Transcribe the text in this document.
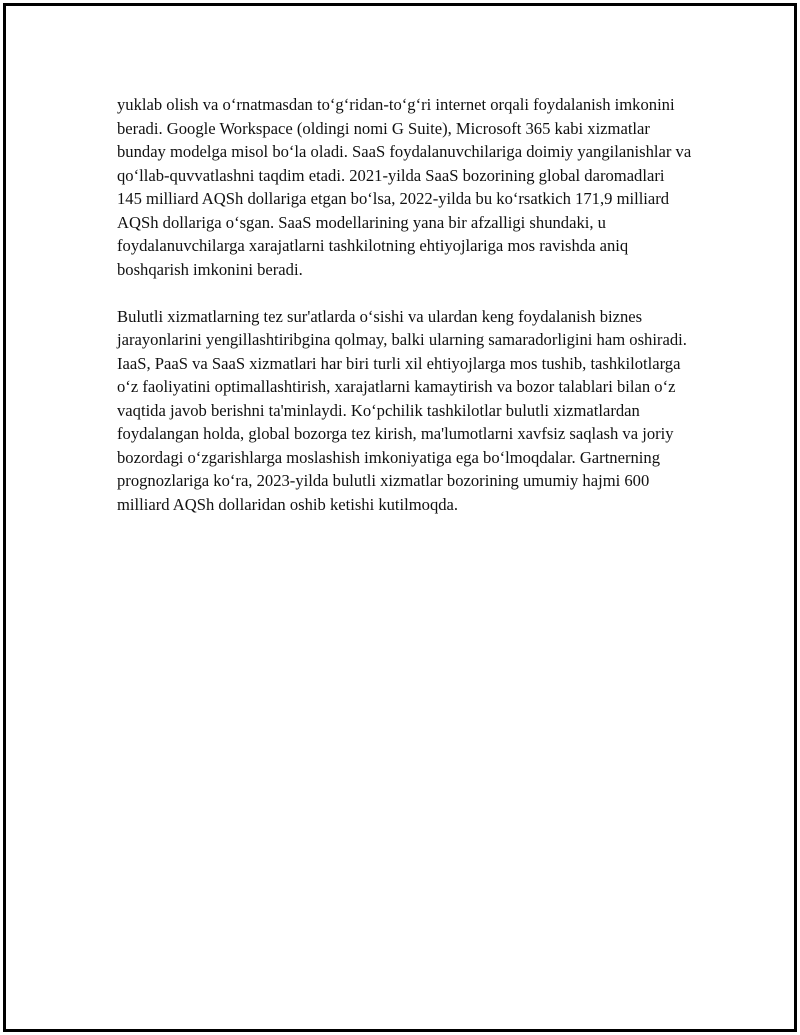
yuklab olish va o‘rnatmasdan to‘g‘ridan-to‘g‘ri internet orqali foydalanish imkonini beradi. Google Workspace (oldingi nomi G Suite), Microsoft 365 kabi xizmatlar bunday modelga misol bo‘la oladi. SaaS foydalanuvchilariga doimiy yangilanishlar va qo‘llab-quvvatlashni taqdim etadi. 2021-yilda SaaS bozorining global daromadlari 145 milliard AQSh dollariga etgan bo‘lsa, 2022-yilda bu ko‘rsatkich 171,9 milliard AQSh dollariga o‘sgan. SaaS modellarining yana bir afzalligi shundaki, u foydalanuvchilarga xarajatlarni tashkilotning ehtiyojlariga mos ravishda aniq boshqarish imkonini beradi.

Bulutli xizmatlarning tez sur'atlarda o‘sishi va ulardan keng foydalanish biznes jarayonlarini yengillashtiribgina qolmay, balki ularning samaradorligini ham oshiradi. IaaS, PaaS va SaaS xizmatlari har biri turli xil ehtiyojlarga mos tushib, tashkilotlarga o‘z faoliyatini optimallashtirish, xarajatlarni kamaytirish va bozor talablari bilan o‘z vaqtida javob berishni ta'minlaydi. Ko‘pchilik tashkilotlar bulutli xizmatlardan foydalangan holda, global bozorga tez kirish, ma'lumotlarni xavfsiz saqlash va joriy bozordagi o‘zgarishlarga moslashish imkoniyatiga ega bo‘lmoqdalar. Gartnerning prognozlariga ko‘ra, 2023-yilda bulutli xizmatlar bozorining umumiy hajmi 600 milliard AQSh dollaridan oshib ketishi kutilmoqda.
